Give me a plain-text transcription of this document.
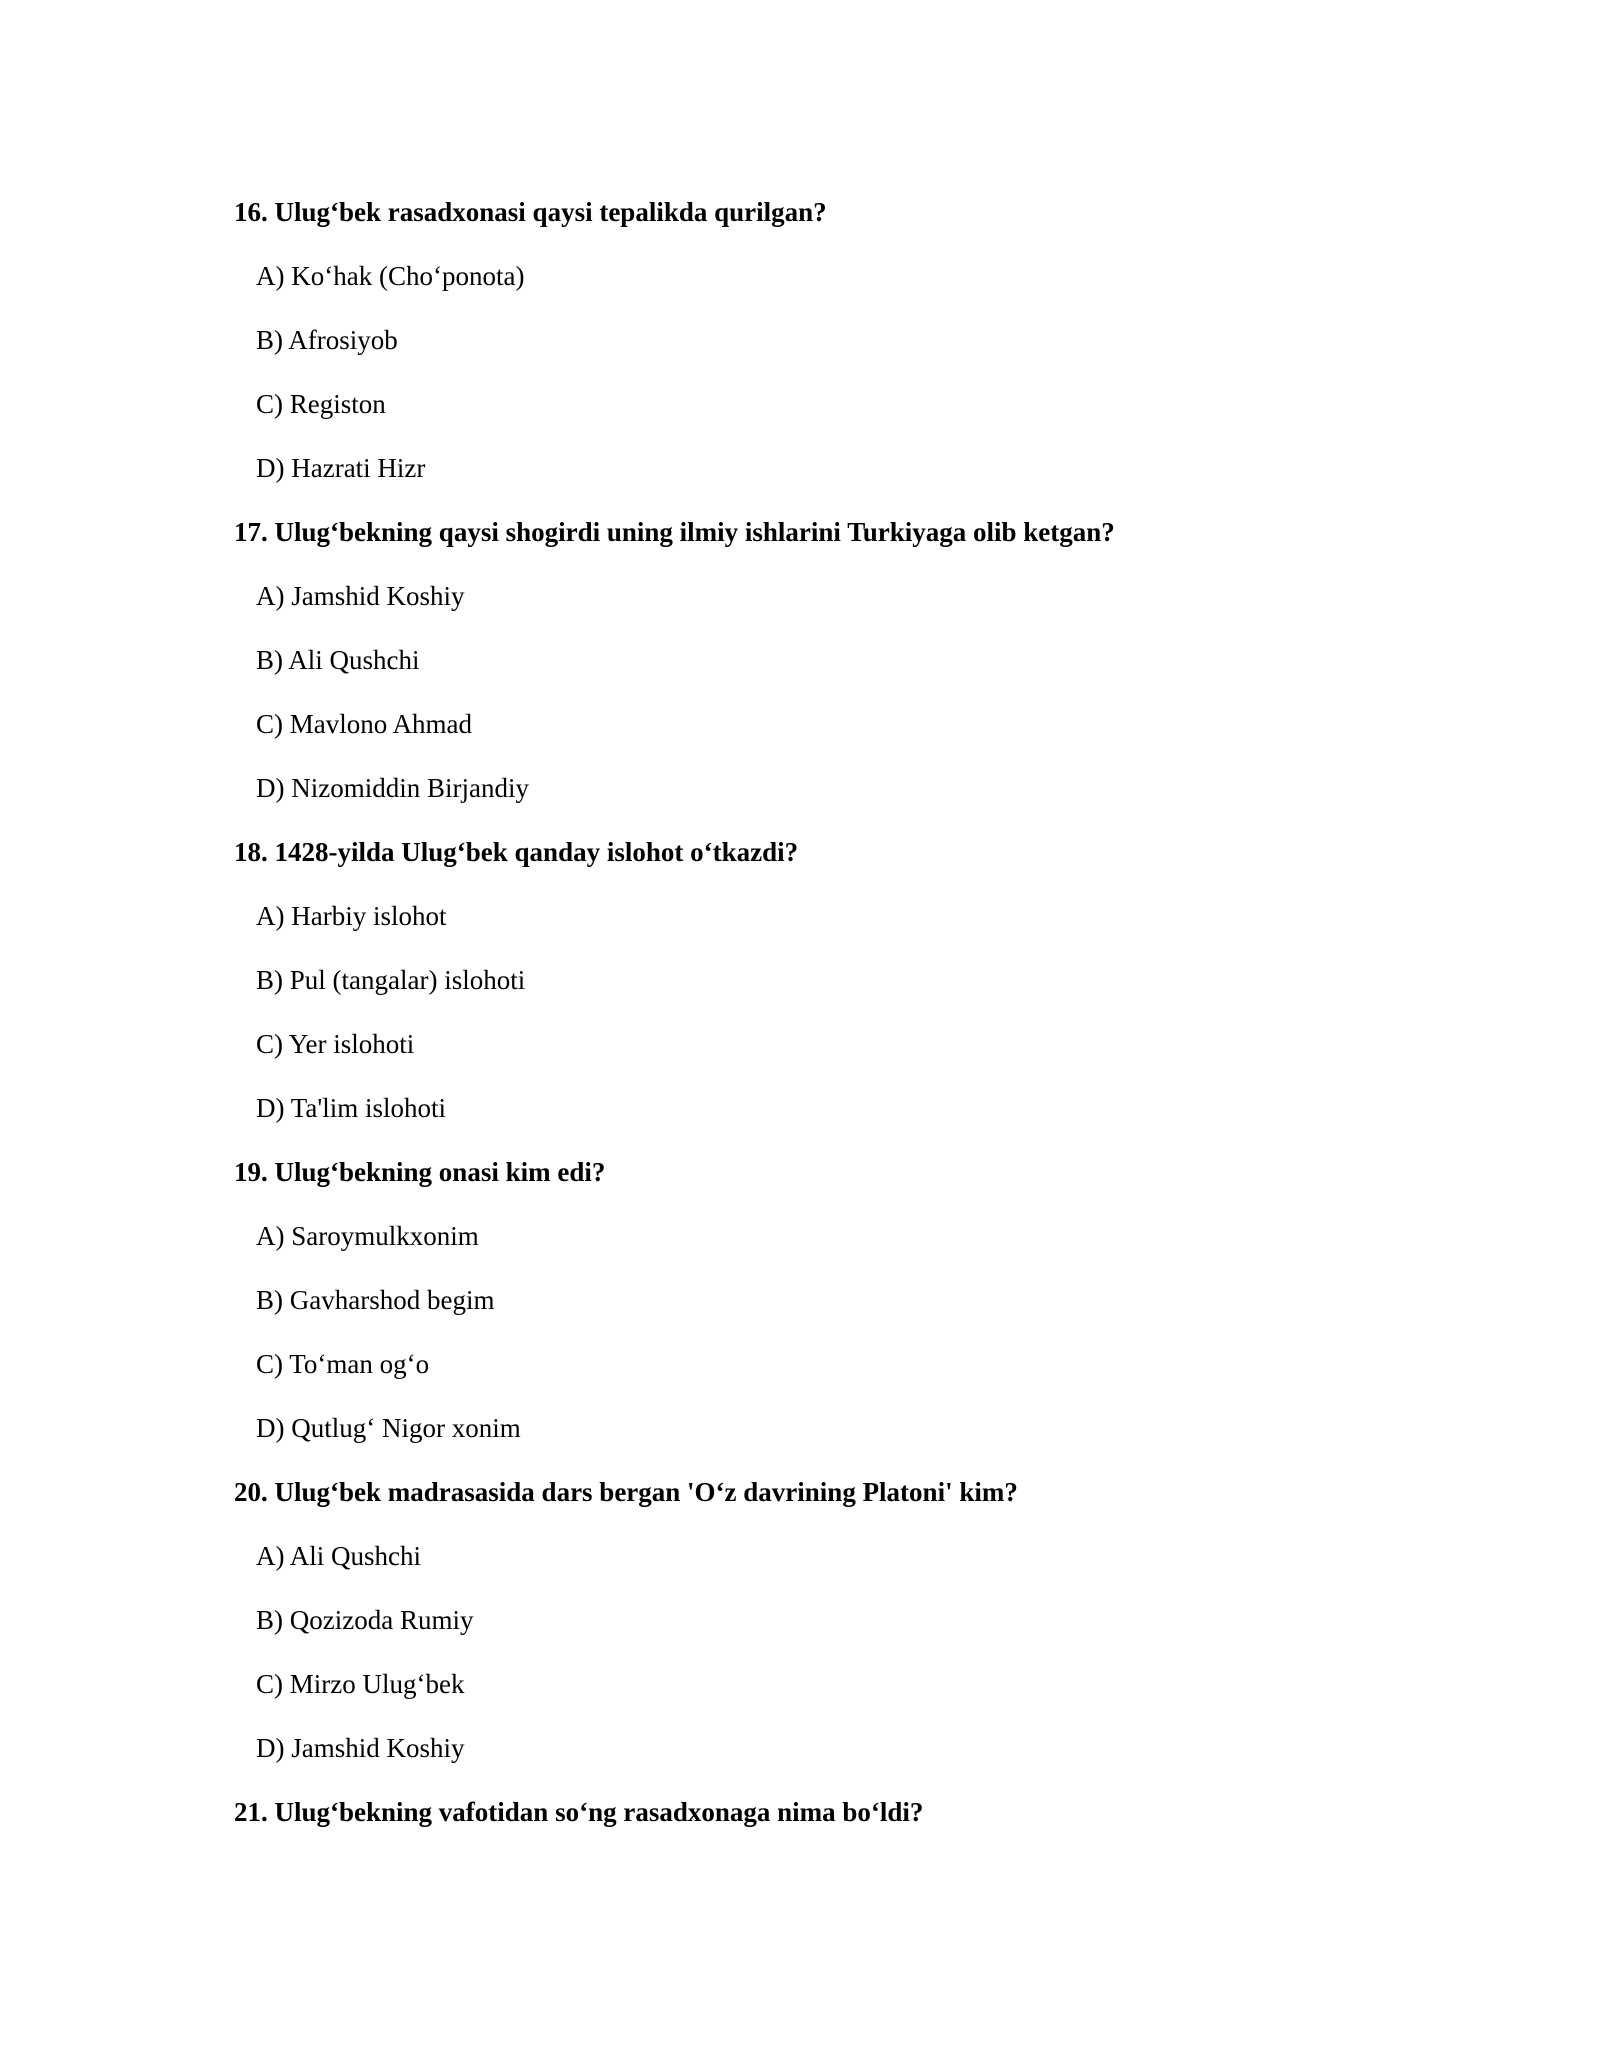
16. Ulug‘bek rasadxonasi qaysi tepalikda qurilgan?
A) Ko‘hak (Cho‘ponota)
B) Afrosiyob
C) Registon
D) Hazrati Hizr
17. Ulug‘bekning qaysi shogirdi uning ilmiy ishlarini Turkiyaga olib ketgan?
A) Jamshid Koshiy
B) Ali Qushchi
C) Mavlono Ahmad
D) Nizomiddin Birjandiy
18. 1428-yilda Ulug‘bek qanday islohot o‘tkazdi?
A) Harbiy islohot
B) Pul (tangalar) islohoti
C) Yer islohoti
D) Ta'lim islohoti
19. Ulug‘bekning onasi kim edi?
A) Saroymulkxonim
B) Gavharshod begim
C) To‘man og‘o
D) Qutlug‘ Nigor xonim
20. Ulug‘bek madrasasida dars bergan 'O‘z davrining Platoni' kim?
A) Ali Qushchi
B) Qozizoda Rumiy
C) Mirzo Ulug‘bek
D) Jamshid Koshiy
21. Ulug‘bekning vafotidan so‘ng rasadxonaga nima bo‘ldi?
